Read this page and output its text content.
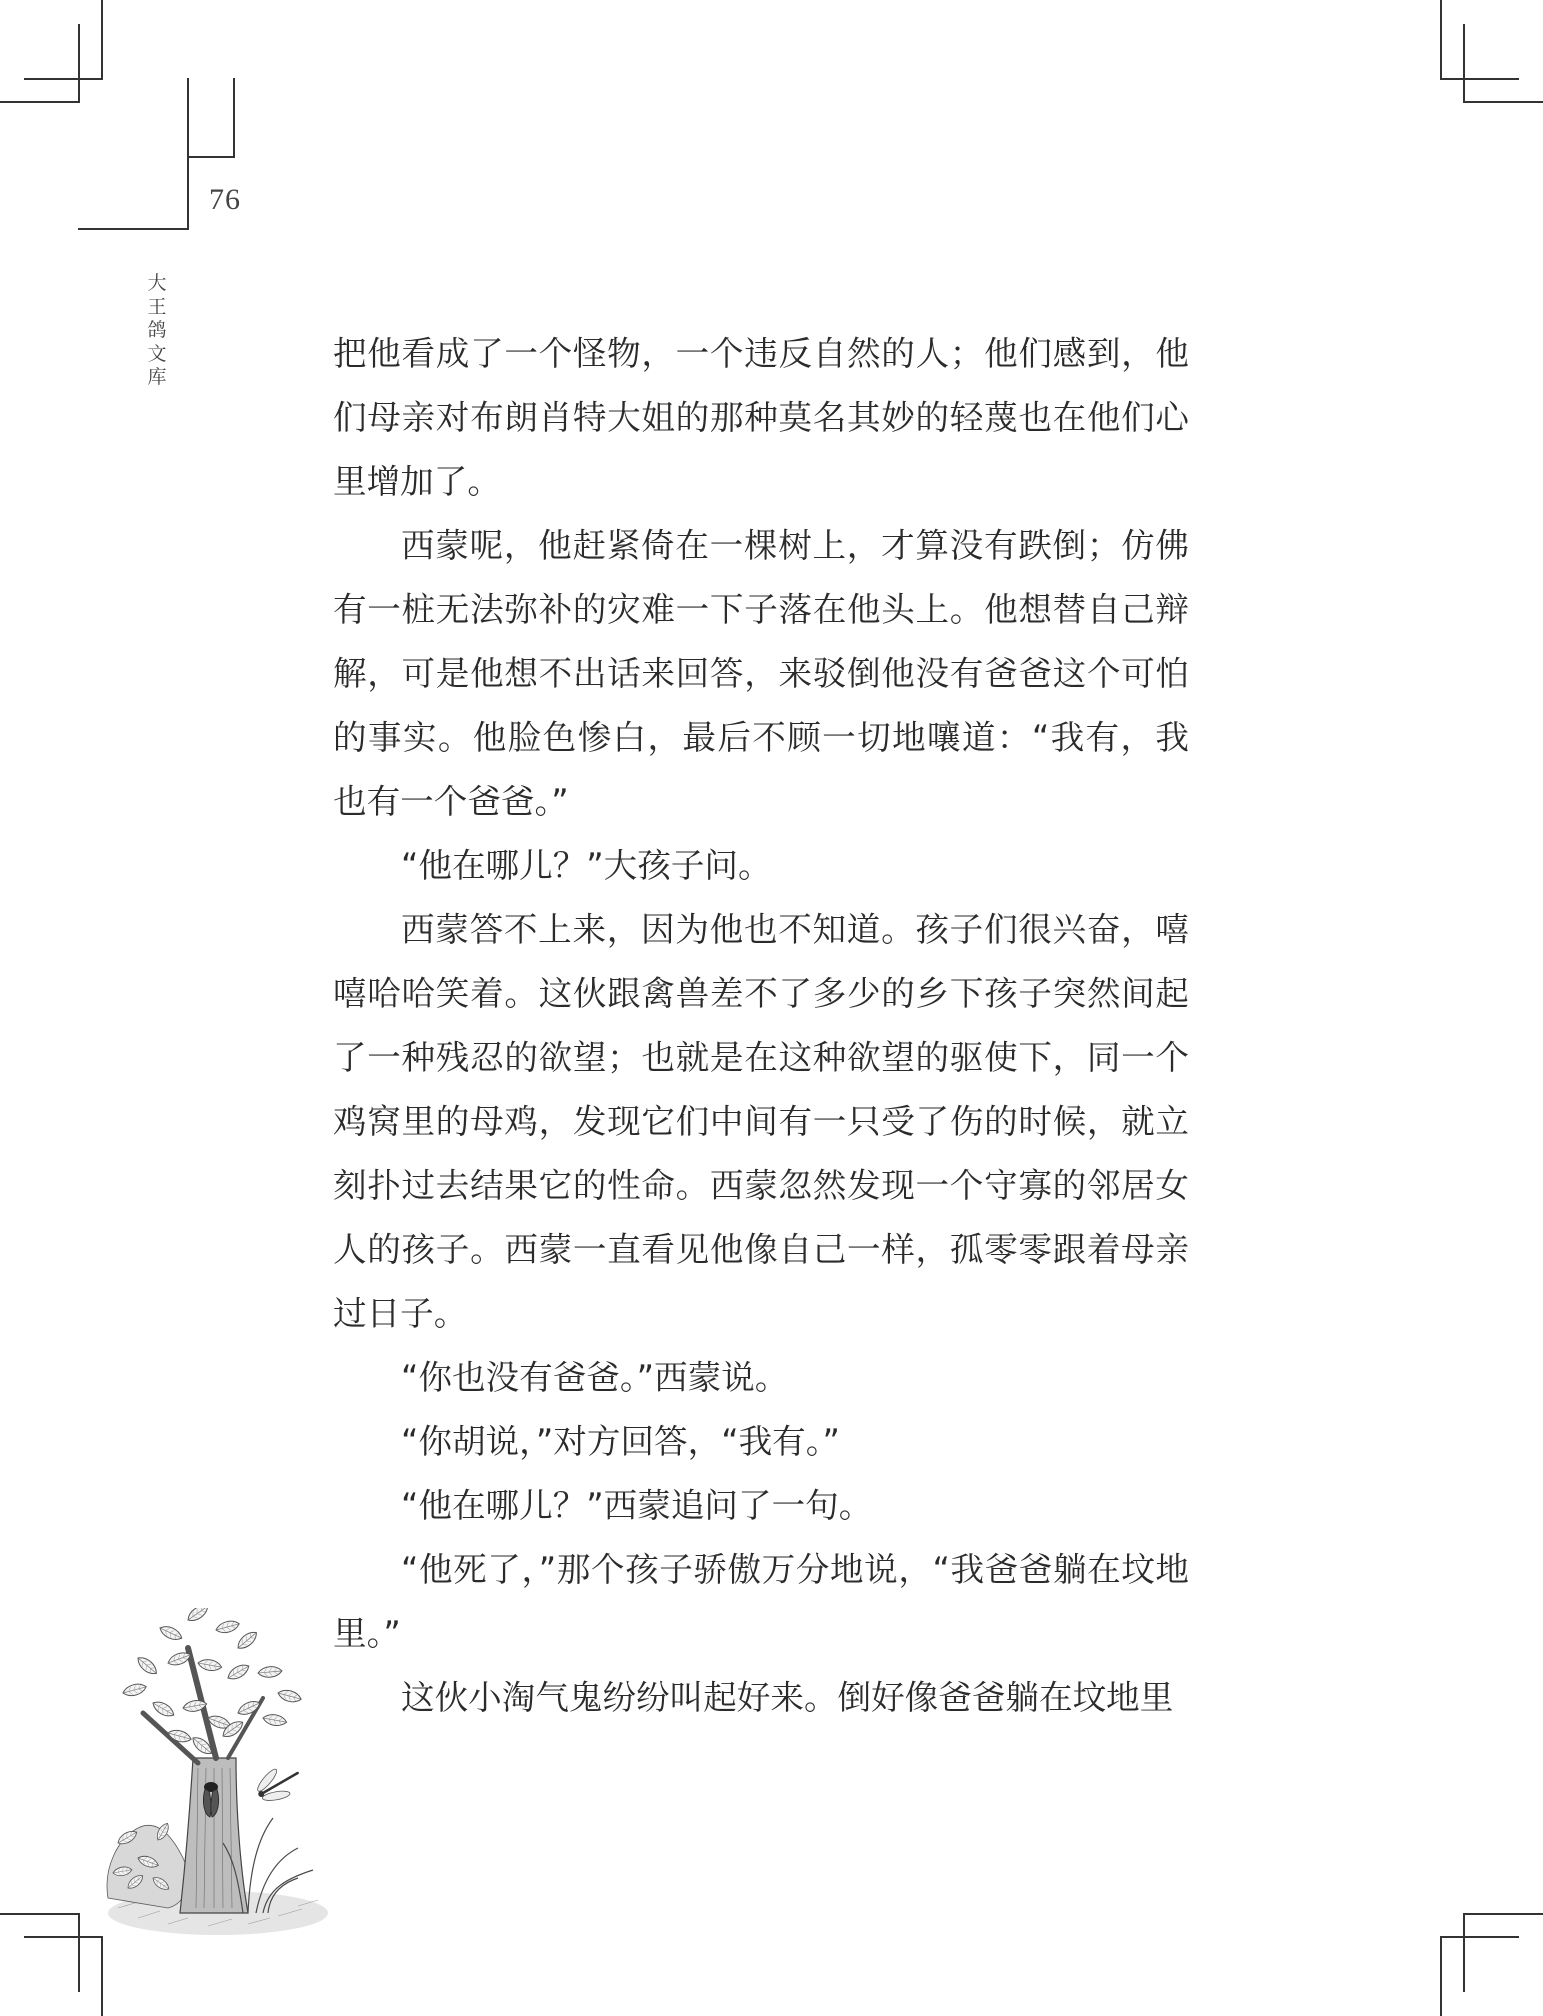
76
大
王
鸽
文
库

把他看成了一个怪物，一个违反自然的人；他们感到，他们母亲对布朗肖特大姐的那种莫名其妙的轻蔑也在他们心里增加了。

西蒙呢，他赶紧倚在一棵树上，才算没有跌倒；仿佛有一桩无法弥补的灾难一下子落在他头上。他想替自己辩解，可是他想不出话来回答，来驳倒他没有爸爸这个可怕的事实。他脸色惨白，最后不顾一切地嚷道：“我有，我也有一个爸爸。”

“他在哪儿？”大孩子问。

西蒙答不上来，因为他也不知道。孩子们很兴奋，嘻嘻哈哈笑着。这伙跟禽兽差不了多少的乡下孩子突然间起了一种残忍的欲望；也就是在这种欲望的驱使下，同一个鸡窝里的母鸡，发现它们中间有一只受了伤的时候，就立刻扑过去结果它的性命。西蒙忽然发现一个守寡的邻居女人的孩子。西蒙一直看见他像自己一样，孤零零跟着母亲过日子。

“你也没有爸爸。”西蒙说。

“你胡说，”对方回答，“我有。”

“他在哪儿？”西蒙追问了一句。

“他死了，”那个孩子骄傲万分地说，“我爸爸躺在坟地里。”

这伙小淘气鬼纷纷叫起好来。倒好像爸爸躺在坟地里
